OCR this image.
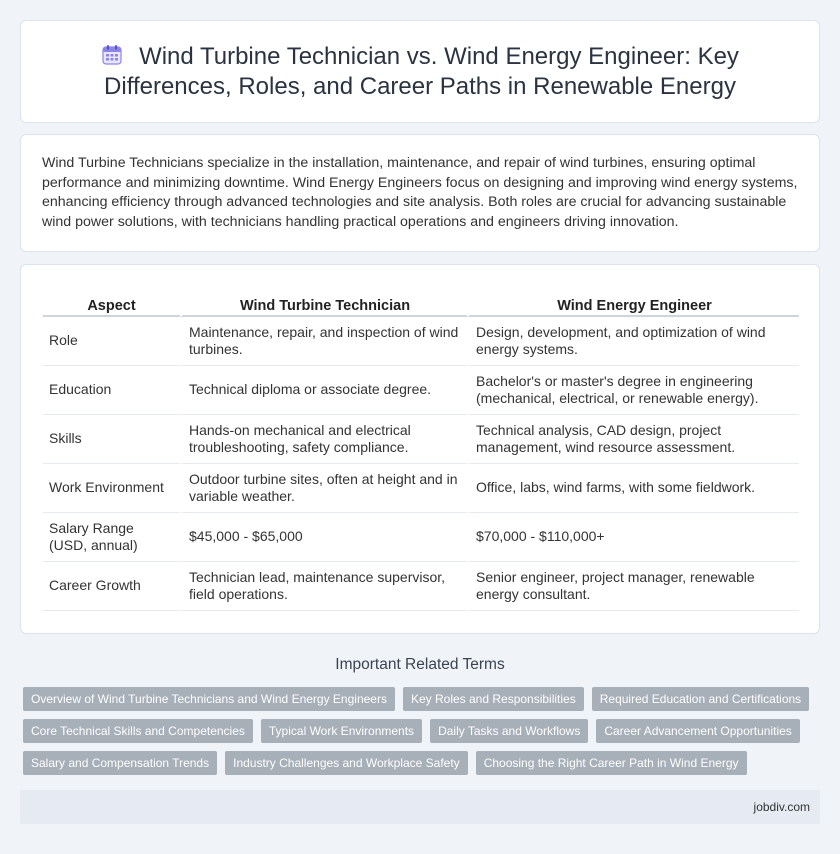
Wind Turbine Technician vs. Wind Energy Engineer: Key Differences, Roles, and Career Paths in Renewable Energy

Wind Turbine Technicians specialize in the installation, maintenance, and repair of wind turbines, ensuring optimal performance and minimizing downtime. Wind Energy Engineers focus on designing and improving wind energy systems, enhancing efficiency through advanced technologies and site analysis. Both roles are crucial for advancing sustainable wind power solutions, with technicians handling practical operations and engineers driving innovation.

Aspect	Wind Turbine Technician	Wind Energy Engineer
Role	Maintenance, repair, and inspection of wind turbines.	Design, development, and optimization of wind energy systems.
Education	Technical diploma or associate degree.	Bachelor's or master's degree in engineering (mechanical, electrical, or renewable energy).
Skills	Hands-on mechanical and electrical troubleshooting, safety compliance.	Technical analysis, CAD design, project management, wind resource assessment.
Work Environment	Outdoor turbine sites, often at height and in variable weather.	Office, labs, wind farms, with some fieldwork.
Salary Range (USD, annual)	$45,000 - $65,000	$70,000 - $110,000+
Career Growth	Technician lead, maintenance supervisor, field operations.	Senior engineer, project manager, renewable energy consultant.
Important Related Terms
Overview of Wind Turbine Technicians and Wind Energy Engineers	Key Roles and Responsibilities	Required Education and Certifications
Core Technical Skills and Competencies	Typical Work Environments	Daily Tasks and Workflows	Career Advancement Opportunities
Salary and Compensation Trends	Industry Challenges and Workplace Safety	Choosing the Right Career Path in Wind Energy
jobdiv.com
